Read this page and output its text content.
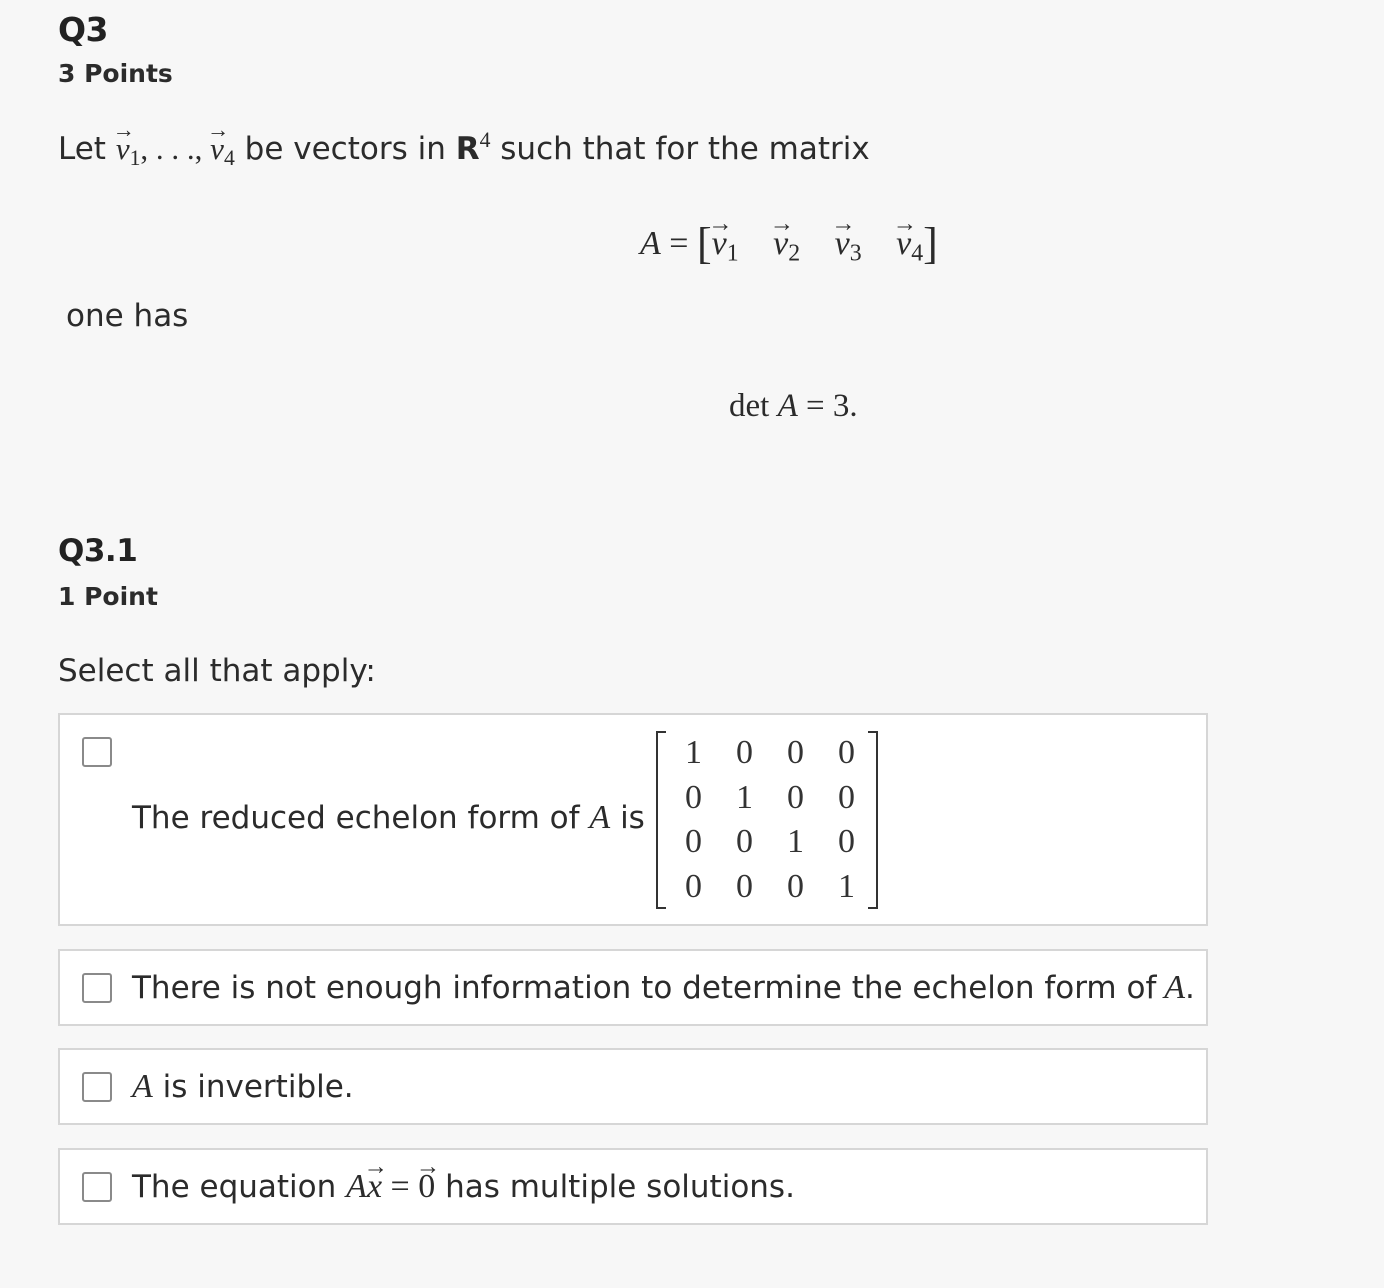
Q3
3 Points
Let → $v_1$, . . ., → $v_4$ be vectors in $R^4$ such that for the matrix
A = [→ $v_1 \to v_2 \to v_3 \to v_4$]
one has
det A = 3.
Q3.1
1 Point
Select all that apply:
The reduced echelon form of A is
1	0	0	0
0	1	0	0
0	0	1	0
0	0	0	1
There is not enough information to determine the echelon form of A.
A is invertible.
The equation A→ x = → 0 has multiple solutions.
